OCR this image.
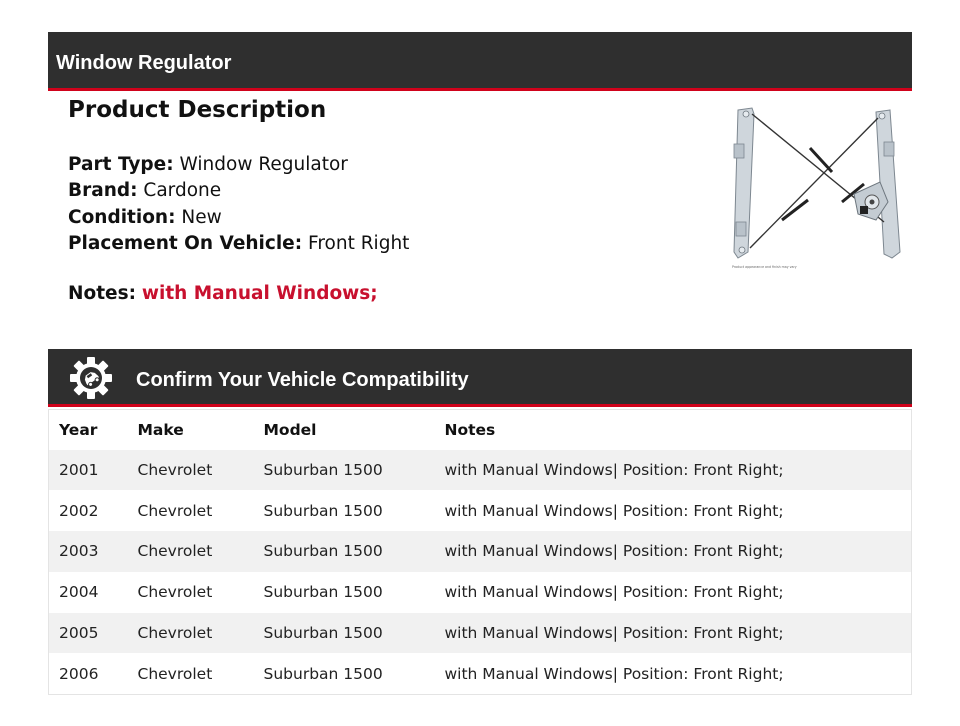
Window Regulator
Product Description
Part Type: Window Regulator
Brand: Cardone
Condition: New
Placement On Vehicle: Front Right
Notes: with Manual Windows;
Product appearance and finish may vary
Confirm Your Vehicle Compatibility
Year	Make	Model	Notes
2001	Chevrolet	Suburban 1500	with Manual Windows| Position: Front Right;
2002	Chevrolet	Suburban 1500	with Manual Windows| Position: Front Right;
2003	Chevrolet	Suburban 1500	with Manual Windows| Position: Front Right;
2004	Chevrolet	Suburban 1500	with Manual Windows| Position: Front Right;
2005	Chevrolet	Suburban 1500	with Manual Windows| Position: Front Right;
2006	Chevrolet	Suburban 1500	with Manual Windows| Position: Front Right;
